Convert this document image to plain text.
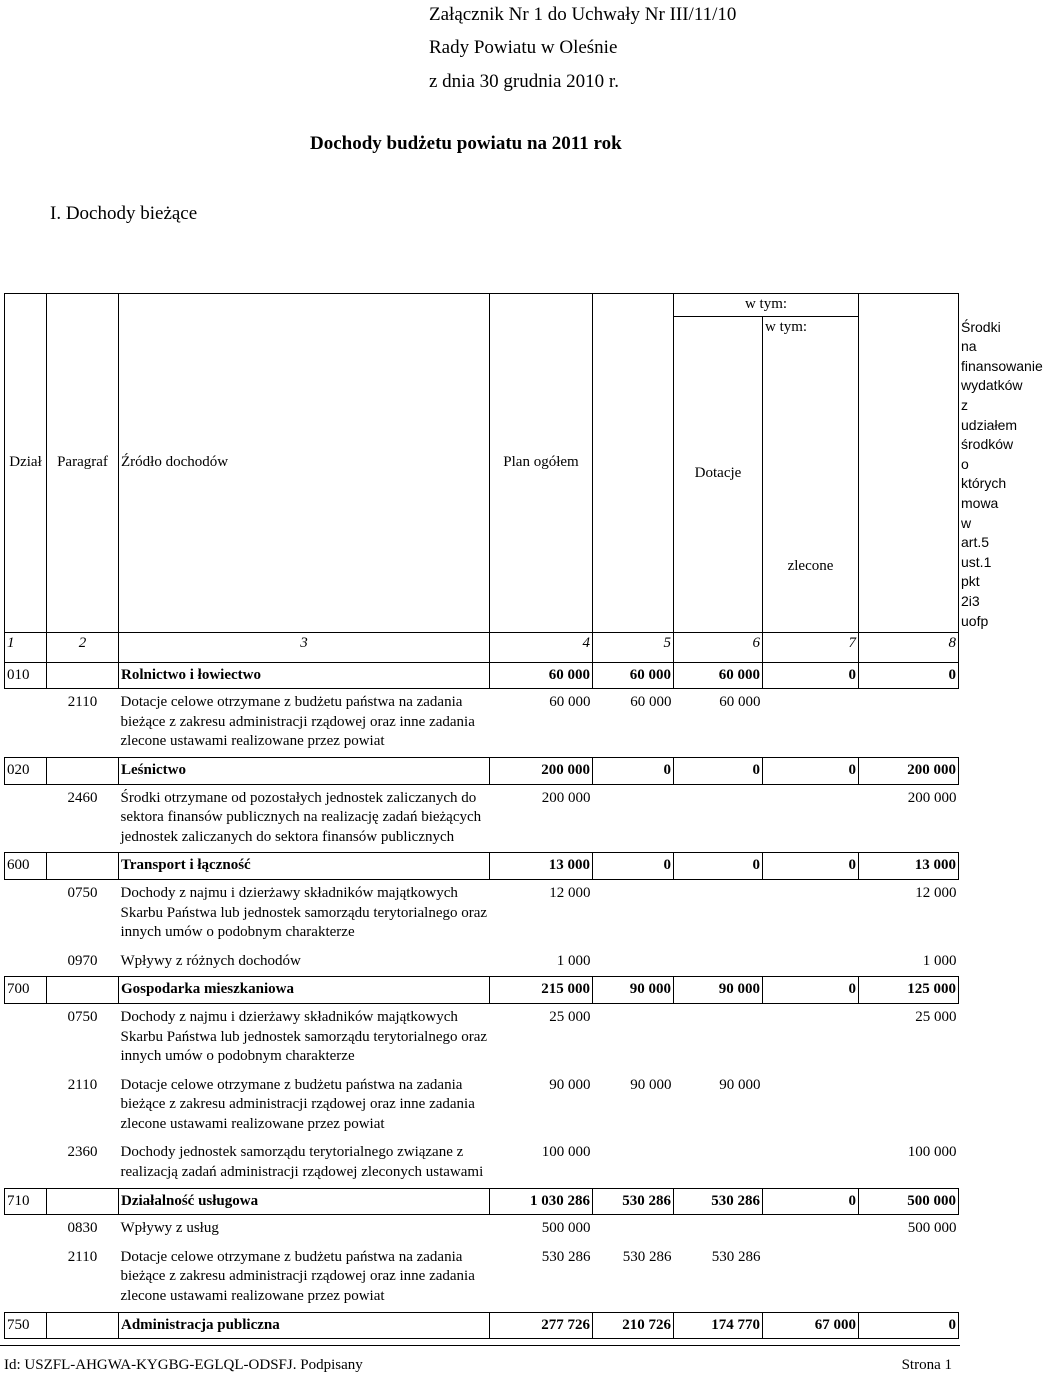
Załącznik Nr 1 do Uchwały Nr III/11/10
Rady Powiatu w Oleśnie
z dnia 30 grudnia 2010 r.
Dochody budżetu powiatu na 2011 rok
I. Dochody bieżące
Dział	Paragraf	Źródło dochodów	Plan ogółem		w tym:			
					Dotacje	w tym:		Środki na finansowanie wydatków z udziałem środków o których mowa w art.5 ust.1 pkt 2i3 uofp
						zlecone		
1	2	3	4	5	6	7	8	
010		Rolnictwo i łowiectwo	60 000	60 000	60 000	0	0	
	2110	Dotacje celowe otrzymane z budżetu państwa na zadania bieżące z zakresu administracji rządowej oraz inne zadania zlecone ustawami realizowane przez powiat	60 000	60 000	60 000			
020		Leśnictwo	200 000	0	0	0	200 000	
	2460	Środki otrzymane od pozostałych jednostek zaliczanych do sektora finansów publicznych na realizację zadań bieżących jednostek zaliczanych do sektora finansów publicznych	200 000				200 000	
600		Transport i łączność	13 000	0	0	0	13 000	
	0750	Dochody z najmu i dzierżawy składników majątkowych Skarbu Państwa lub jednostek samorządu terytorialnego oraz innych umów o podobnym charakterze	12 000				12 000	
	0970	Wpływy z różnych dochodów	1 000				1 000	
700		Gospodarka mieszkaniowa	215 000	90 000	90 000	0	125 000	
	0750	Dochody z najmu i dzierżawy składników majątkowych Skarbu Państwa lub jednostek samorządu terytorialnego oraz innych umów o podobnym charakterze	25 000				25 000	
	2110	Dotacje celowe otrzymane z budżetu państwa na zadania bieżące z zakresu administracji rządowej oraz inne zadania zlecone ustawami realizowane przez powiat	90 000	90 000	90 000			
	2360	Dochody jednostek samorządu terytorialnego związane z realizacją zadań administracji rządowej zleconych ustawami	100 000				100 000	
710		Działalność usługowa	1 030 286	530 286	530 286	0	500 000	
	0830	Wpływy z usług	500 000				500 000	
	2110	Dotacje celowe otrzymane z budżetu państwa na zadania bieżące z zakresu administracji rządowej oraz inne zadania zlecone ustawami realizowane przez powiat	530 286	530 286	530 286			
750		Administracja publiczna	277 726	210 726	174 770	67 000	0	
Id: USZFL-AHGWA-KYGBG-EGLQL-ODSFJ. Podpisany	Strona 1
